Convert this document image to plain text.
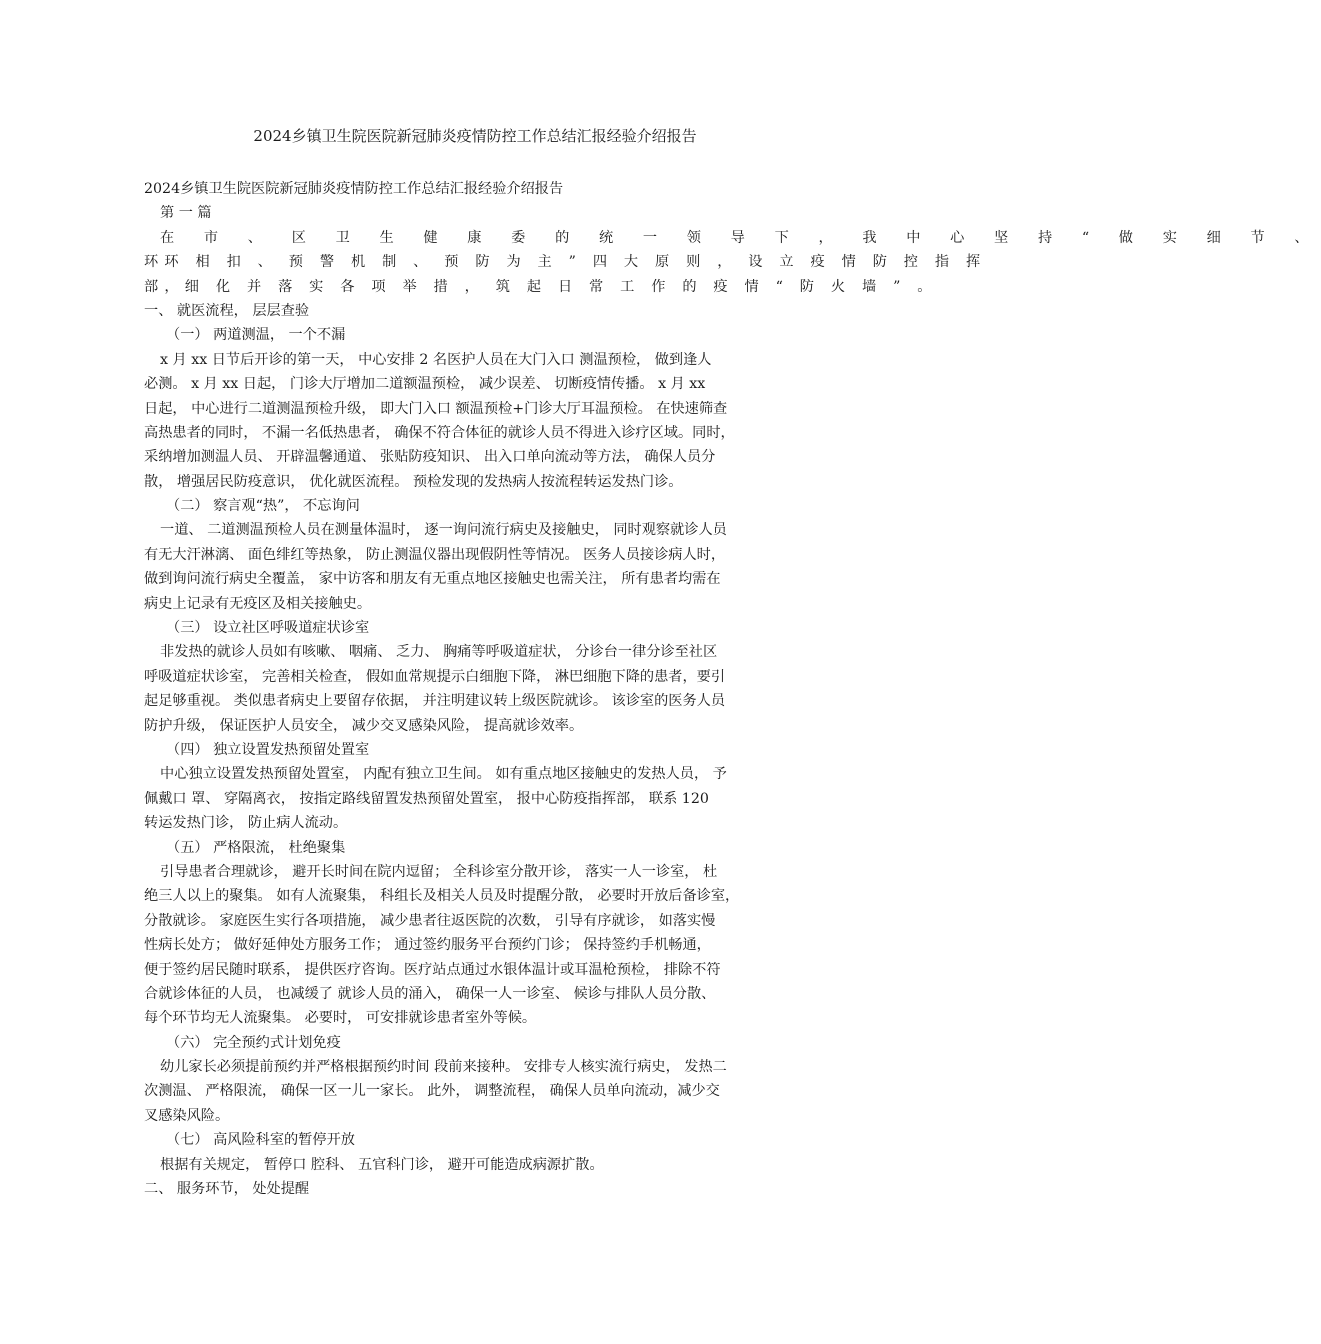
2024乡镇卫生院医院新冠肺炎疫情防控工作总结汇报经验介绍报告
2024乡镇卫生院医院新冠肺炎疫情防控工作总结汇报经验介绍报告
第 一 篇
在 市 、 区 卫 生 健 康 委 的 统 一 领 导 下 ， 我 中 心 坚 持 “ 做 实 细 节 、
环环 相 扣 、 预 警 机 制 、 预 防 为 主 ” 四 大 原 则 ， 设 立 疫 情 防 控 指 挥
部，细 化 并 落 实 各 项 举 措 ， 筑 起 日 常 工 作 的 疫 情 “ 防 火 墙 ” 。
一、 就医流程， 层层查验
（一） 两道测温， 一个不漏
x 月 xx 日节后开诊的第一天， 中心安排 2 名医护人员在大门入口 测温预检， 做到逢人
必测。 x 月 xx 日起， 门诊大厅增加二道额温预检， 减少误差、 切断疫情传播。 x 月 xx
日起， 中心进行二道测温预检升级， 即大门入口 额温预检+门诊大厅耳温预检。 在快速筛查
高热患者的同时， 不漏一名低热患者， 确保不符合体征的就诊人员不得进入诊疗区域。同时，
采纳增加测温人员、 开辟温馨通道、 张贴防疫知识、 出入口单向流动等方法， 确保人员分
散， 增强居民防疫意识， 优化就医流程。 预检发现的发热病人按流程转运发热门诊。
（二） 察言观“热”， 不忘询问
一道、 二道测温预检人员在测量体温时， 逐一询问流行病史及接触史， 同时观察就诊人员
有无大汗淋漓、 面色绯红等热象， 防止测温仪器出现假阴性等情况。 医务人员接诊病人时，
做到询问流行病史全覆盖， 家中访客和朋友有无重点地区接触史也需关注， 所有患者均需在
病史上记录有无疫区及相关接触史。
（三） 设立社区呼吸道症状诊室
非发热的就诊人员如有咳嗽、 咽痛、 乏力、 胸痛等呼吸道症状， 分诊台一律分诊至社区
呼吸道症状诊室， 完善相关检查， 假如血常规提示白细胞下降， 淋巴细胞下降的患者，要引
起足够重视。 类似患者病史上要留存依据， 并注明建议转上级医院就诊。 该诊室的医务人员
防护升级， 保证医护人员安全， 减少交叉感染风险， 提高就诊效率。
（四） 独立设置发热预留处置室
中心独立设置发热预留处置室， 内配有独立卫生间。 如有重点地区接触史的发热人员， 予
佩戴口 罩、 穿隔离衣， 按指定路线留置发热预留处置室， 报中心防疫指挥部， 联系 120
转运发热门诊， 防止病人流动。
（五） 严格限流， 杜绝聚集
引导患者合理就诊， 避开长时间在院内逗留； 全科诊室分散开诊， 落实一人一诊室， 杜
绝三人以上的聚集。 如有人流聚集， 科组长及相关人员及时提醒分散， 必要时开放后备诊室，
分散就诊。 家庭医生实行各项措施， 减少患者往返医院的次数， 引导有序就诊， 如落实慢
性病长处方； 做好延伸处方服务工作； 通过签约服务平台预约门诊； 保持签约手机畅通，
便于签约居民随时联系， 提供医疗咨询。医疗站点通过水银体温计或耳温枪预检， 排除不符
合就诊体征的人员， 也减缓了 就诊人员的涌入， 确保一人一诊室、 候诊与排队人员分散、
每个环节均无人流聚集。 必要时， 可安排就诊患者室外等候。
（六） 完全预约式计划免疫
幼儿家长必须提前预约并严格根据预约时间 段前来接种。 安排专人核实流行病史， 发热二
次测温、 严格限流， 确保一区一儿一家长。 此外， 调整流程， 确保人员单向流动，减少交
叉感染风险。
（七） 高风险科室的暂停开放
根据有关规定， 暂停口 腔科、 五官科门诊， 避开可能造成病源扩散。
二、 服务环节， 处处提醒
